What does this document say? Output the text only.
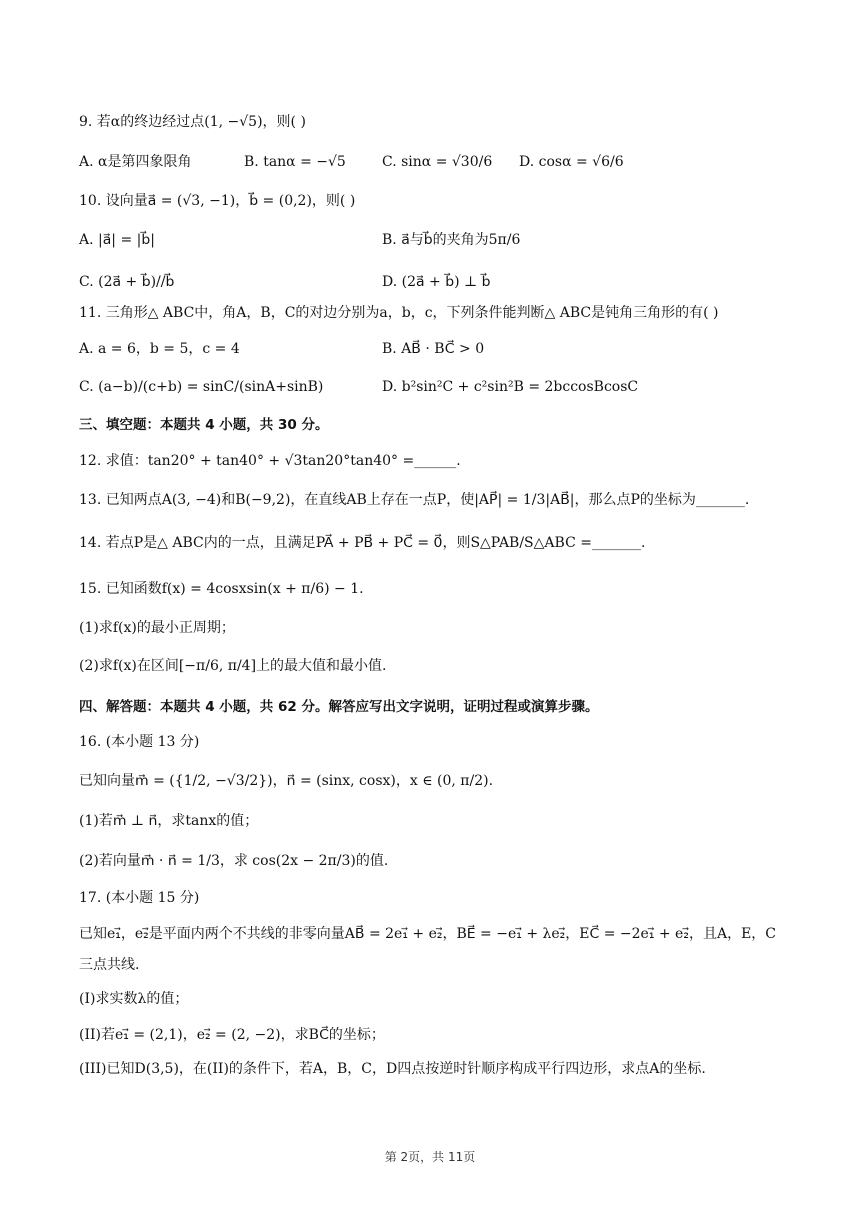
9. 若α的终边经过点(1, −√5)，则( )
A. α是第四象限角	B. tanα = −√5	C. sinα = √30/6 D. cosα = √6/6
10. 设向量a⃗ = (√3, −1)，b⃗ = (0,2)，则( )
A. |a⃗| = |b⃗|	B. a⃗与b⃗的夹角为5π/6
C. (2a⃗ + b⃗)//b⃗	D. (2a⃗ + b⃗) ⊥ b⃗
11. 三角形△ ABC中，角A，B，C的对边分别为a，b，c，下列条件能判断△ ABC是钝角三角形的有( )
A. a = 6，b = 5，c = 4	B. AB⃗ · BC⃗ > 0
C. (a−b)/(c+b) = sinC/(sinA+sinB)	D. b²sin²C + c²sin²B = 2bccosBcosC
三、填空题：本题共 4 小题，共 30 分。
12. 求值：tan20° + tan40° + √3tan20°tan40° =______.
13. 已知两点A(3, −4)和B(−9,2)，在直线AB上存在一点P，使|AP⃗| = 1/3|AB⃗|，那么点P的坐标为_______.
14. 若点P是△ ABC内的一点，且满足PA⃗ + PB⃗ + PC⃗ = 0⃗，则S△PAB/S△ABC =_______.
15. 已知函数f(x) = 4cosxsin(x + π/6) − 1.
(1)求f(x)的最小正周期；
(2)求f(x)在区间[−π/6, π/4]上的最大值和最小值.
四、解答题：本题共 4 小题，共 62 分。解答应写出文字说明，证明过程或演算步骤。
16. (本小题 13 分)
已知向量m⃗ = ({1/2, −√3/2})，n⃗ = (sinx, cosx)，x ∈ (0, π/2).
(1)若m⃗ ⊥ n⃗，求tanx的值；
(2)若向量m⃗ · n⃗ = 1/3，求 cos(2x − 2π/3)的值.
17. (本小题 15 分)
已知e₁⃗，e₂⃗是平面内两个不共线的非零向量AB⃗ = 2e₁⃗ + e₂⃗，BE⃗ = −e₁⃗ + λe₂⃗，EC⃗ = −2e₁⃗ + e₂⃗，且A，E，C
三点共线.
(I)求实数λ的值；
(II)若e₁⃗ = (2,1)，e₂⃗ = (2, −2)，求BC⃗的坐标；
(III)已知D(3,5)，在(II)的条件下，若A，B，C，D四点按逆时针顺序构成平行四边形，求点A的坐标.
第 2页，共 11页
